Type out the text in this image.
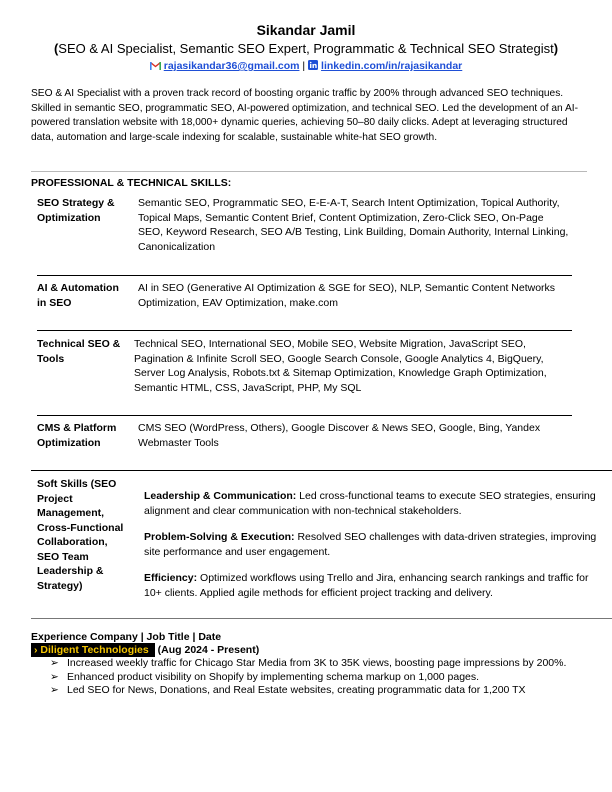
Sikandar Jamil
(SEO & AI Specialist, Semantic SEO Expert, Programmatic & Technical SEO Strategist)
rajasikandar36@gmail.com | linkedin.com/in/rajasikandar
SEO & AI Specialist with a proven track record of boosting organic traffic by 200% through advanced SEO techniques. Skilled in semantic SEO, programmatic SEO, AI-powered optimization, and technical SEO. Led the development of an AI-powered translation website with 18,000+ dynamic queries, achieving 50–80 daily clicks. Adept at leveraging structured data, automation and large-scale indexing for scalable, sustainable white-hat SEO growth.
PROFESSIONAL & TECHNICAL SKILLS:
SEO Strategy & Optimization
Semantic SEO, Programmatic SEO, E-E-A-T, Search Intent Optimization, Topical Authority, Topical Maps, Semantic Content Brief, Content Optimization, Zero-Click SEO, On-Page SEO, Keyword Research, SEO A/B Testing, Link Building, Domain Authority, Internal Linking, Canonicalization
AI & Automation in SEO
AI in SEO (Generative AI Optimization & SGE for SEO), NLP, Semantic Content Networks Optimization, EAV Optimization, make.com
Technical SEO & Tools
Technical SEO, International SEO, Mobile SEO, Website Migration, JavaScript SEO, Pagination & Infinite Scroll SEO, Google Search Console, Google Analytics 4, BigQuery, Server Log Analysis, Robots.txt & Sitemap Optimization, Knowledge Graph Optimization, Semantic HTML, CSS, JavaScript, PHP, My SQL
CMS & Platform Optimization
CMS SEO (WordPress, Others), Google Discover & News SEO, Google, Bing, Yandex Webmaster Tools
Soft Skills (SEO Project Management, Cross-Functional Collaboration, SEO Team Leadership & Strategy)

Leadership & Communication: Led cross-functional teams to execute SEO strategies, ensuring alignment and clear communication with non-technical stakeholders.

Problem-Solving & Execution: Resolved SEO challenges with data-driven strategies, improving site performance and user engagement.

Efficiency: Optimized workflows using Trello and Jira, enhancing search rankings and traffic for 10+ clients. Applied agile methods for efficient project tracking and delivery.

Experience Company | Job Title | Date
› Diligent Technologies (Aug 2024 - Present)
➢ Increased weekly traffic for Chicago Star Media from 3K to 35K views, boosting page impressions by 200%.
➢ Enhanced product visibility on Shopify by implementing schema markup on 1,000 pages.
➢ Led SEO for News, Donations, and Real Estate websites, creating programmatic data for 1,200 TX
